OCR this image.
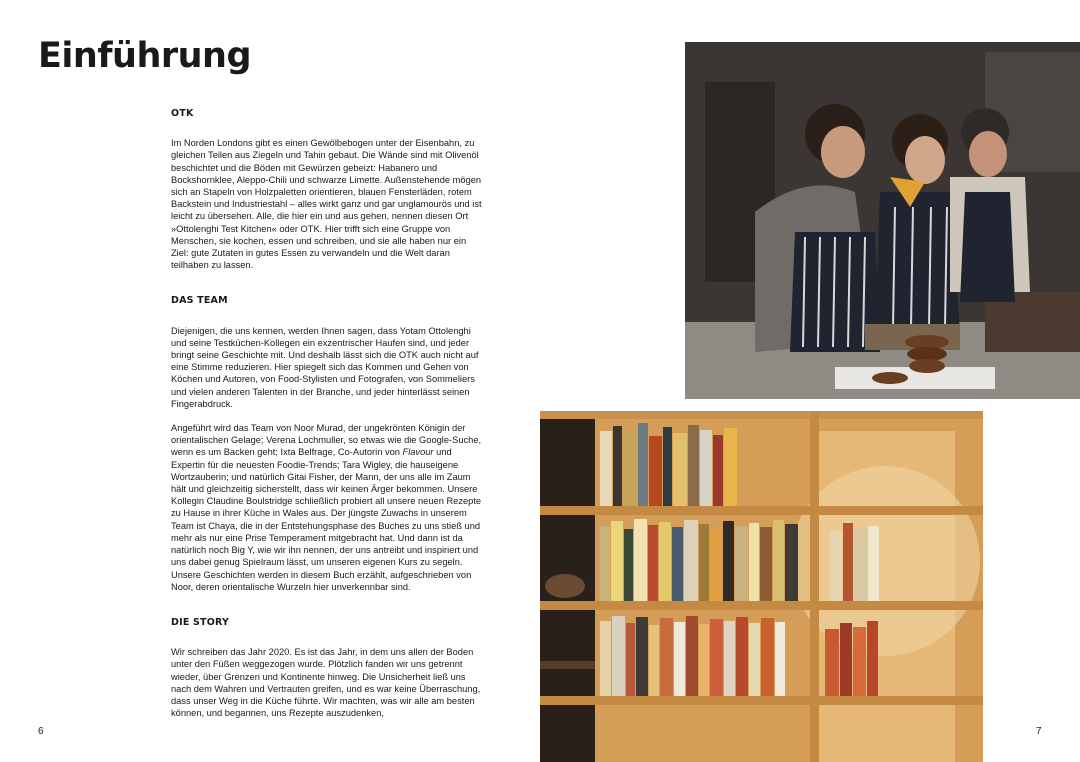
Einführung
OTK

Im Norden Londons gibt es einen Gewölbebogen unter der Eisenbahn, zu gleichen Teilen aus Ziegeln und Tahin gebaut. Die Wände sind mit Olivenöl beschichtet und die Böden mit Gewürzen gebeizt: Habanero und Bockshornklee, Aleppo-Chili und schwarze Limette. Außenstehende mögen sich an Stapeln von Holzpaletten orientieren, blauen Fensterläden, rotem Backstein und Industriestahl – alles wirkt ganz und gar unglamourös und ist leicht zu übersehen. Alle, die hier ein und aus gehen, nennen diesen Ort »Ottolenghi Test Kitchen« oder OTK. Hier trifft sich eine Gruppe von Menschen, sie kochen, essen und schreiben, und sie alle haben nur ein Ziel: gute Zutaten in gutes Essen zu verwandeln und die Welt daran teilhaben zu lassen.

DAS TEAM

Diejenigen, die uns kennen, werden Ihnen sagen, dass Yotam Ottolenghi und seine Testküchen-Kollegen ein exzentrischer Haufen sind, und jeder bringt seine Geschichte mit. Und deshalb lässt sich die OTK auch nicht auf eine Stimme reduzieren. Hier spiegelt sich das Kommen und Gehen von Köchen und Autoren, von Food-Stylisten und Fotografen, von Sommeliers und vielen anderen Talenten in der Branche, und jeder hinterlässt seinen Fingerabdruck.

Angeführt wird das Team von Noor Murad, der ungekrönten Königin der orientalischen Gelage; Verena Lochmuller, so etwas wie die Google-Suche, wenn es um Backen geht; Ixta Belfrage, Co-Autorin von Flavour und Expertin für die neuesten Foodie-Trends; Tara Wigley, die hauseigene Wortzauberin; und natürlich Gitai Fisher, der Mann, der uns alle im Zaum hält und gleichzeitig sicherstellt, dass wir keinen Ärger bekommen. Unsere Kollegin Claudine Boulstridge schließlich probiert all unsere neuen Rezepte zu Hause in ihrer Küche in Wales aus. Der jüngste Zuwachs in unserem Team ist Chaya, die in der Entstehungsphase des Buches zu uns stieß und mehr als nur eine Prise Temperament mitgebracht hat. Und dann ist da natürlich noch Big Y, wie wir ihn nennen, der uns antreibt und inspiriert und uns dabei genug Spielraum lässt, um unseren eigenen Kurs zu segeln. Unsere Geschichten werden in diesem Buch erzählt, aufgeschrieben von Noor, deren orientalische Wurzeln hier unverkennbar sind.

DIE STORY

Wir schreiben das Jahr 2020. Es ist das Jahr, in dem uns allen der Boden unter den Füßen weggezogen wurde. Plötzlich fanden wir uns getrennt wieder, über Grenzen und Kontinente hinweg. Die Unsicherheit ließ uns nach dem Wahren und Vertrauten greifen, und es war keine Überraschung, dass unser Weg in die Küche führte. Wir machten, was wir alle am besten können, und begannen, uns Rezepte auszudenken,

6	7
